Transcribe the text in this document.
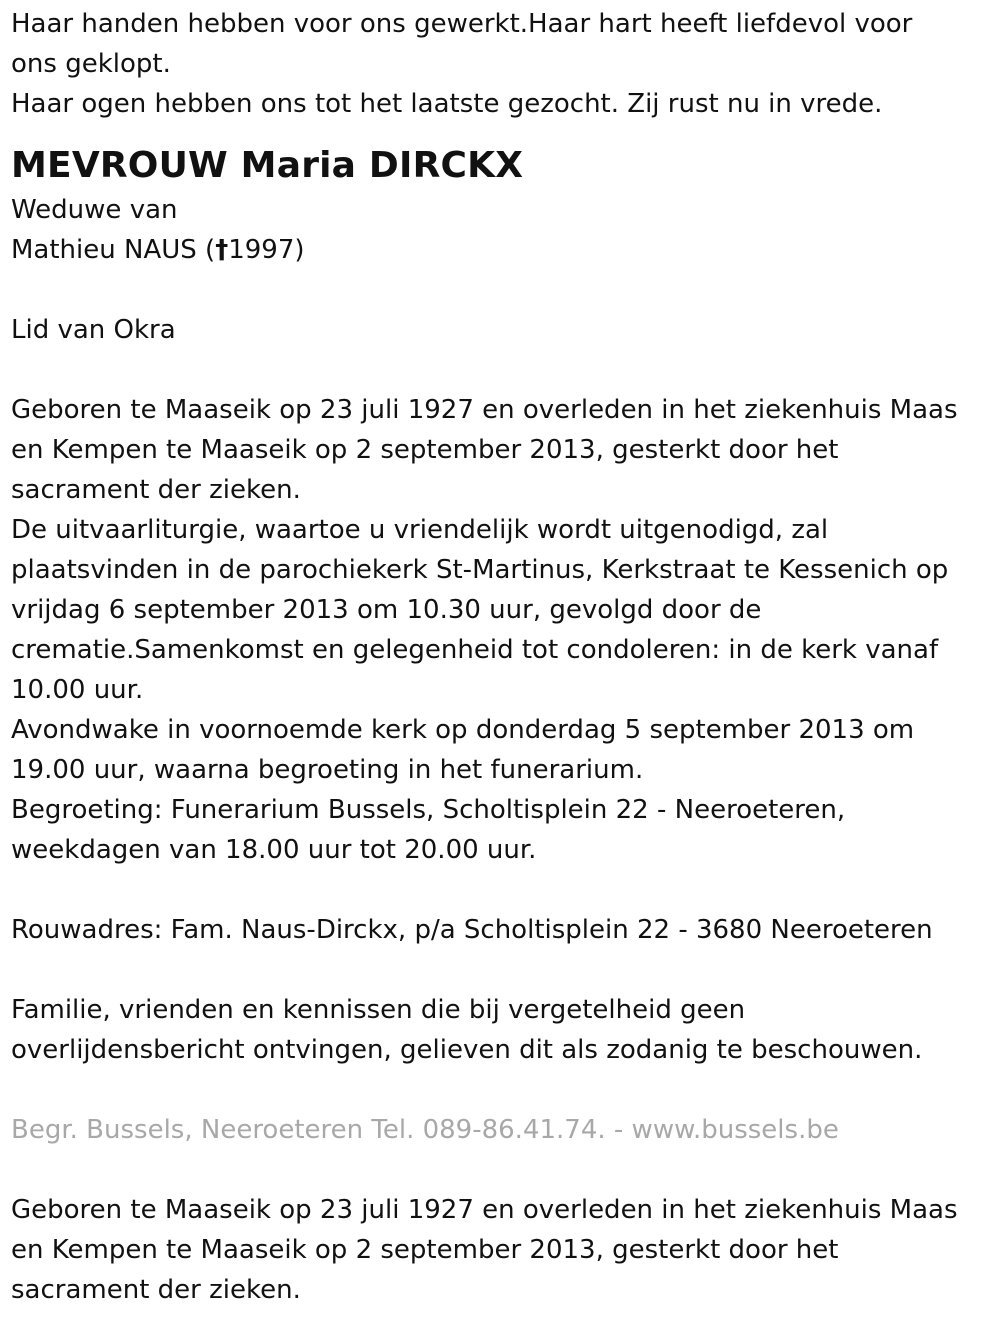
Haar handen hebben voor ons gewerkt.Haar hart heeft liefdevol voor

ons geklopt.

Haar ogen hebben ons tot het laatste gezocht. Zij rust nu in vrede.

MEVROUW Maria DIRCKX

Weduwe van

Mathieu NAUS (†1997)

Lid van Okra

Geboren te Maaseik op 23 juli 1927 en overleden in het ziekenhuis Maas

en Kempen te Maaseik op 2 september 2013, gesterkt door het

sacrament der zieken.

De uitvaarliturgie, waartoe u vriendelijk wordt uitgenodigd, zal

plaatsvinden in de parochiekerk St-Martinus, Kerkstraat te Kessenich op

vrijdag 6 september 2013 om 10.30 uur, gevolgd door de

crematie.Samenkomst en gelegenheid tot condoleren: in de kerk vanaf

10.00 uur.

Avondwake in voornoemde kerk op donderdag 5 september 2013 om

19.00 uur, waarna begroeting in het funerarium.

Begroeting: Funerarium Bussels, Scholtisplein 22 - Neeroeteren,

weekdagen van 18.00 uur tot 20.00 uur.

Rouwadres: Fam. Naus-Dirckx, p/a Scholtisplein 22 - 3680 Neeroeteren

Familie, vrienden en kennissen die bij vergetelheid geen

overlijdensbericht ontvingen, gelieven dit als zodanig te beschouwen.

Begr. Bussels, Neeroeteren Tel. 089-86.41.74. - www.bussels.be

Geboren te Maaseik op 23 juli 1927 en overleden in het ziekenhuis Maas

en Kempen te Maaseik op 2 september 2013, gesterkt door het

sacrament der zieken.
